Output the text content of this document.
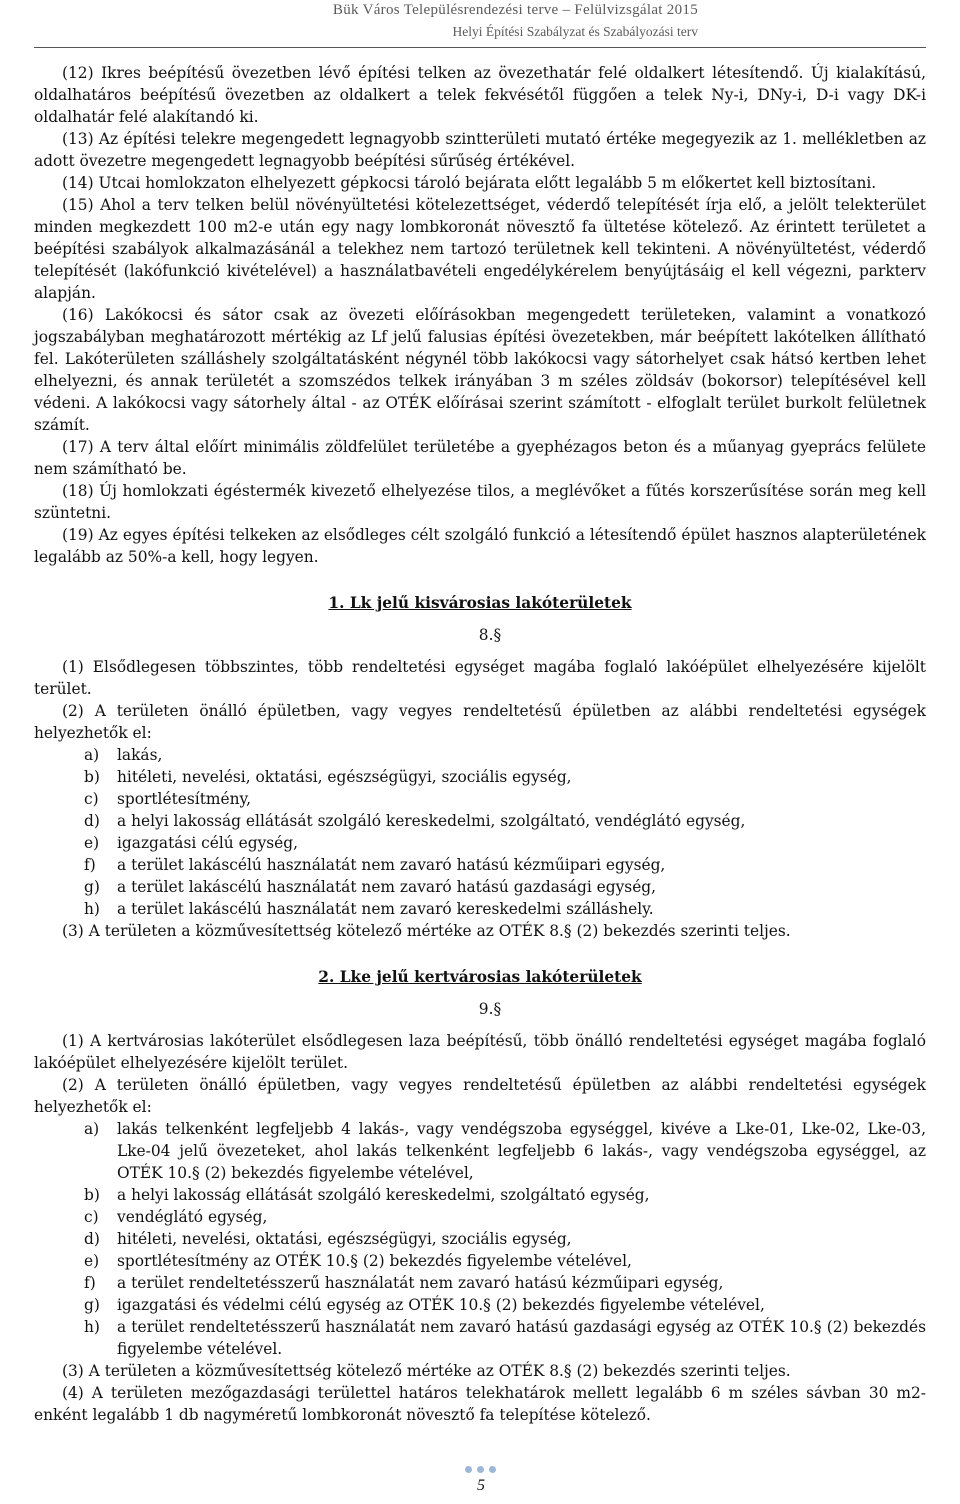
Bük Város Településrendezési terve – Felülvizsgálat 2015
Helyi Építési Szabályzat és Szabályozási terv
(12) Ikres beépítésű övezetben lévő építési telken az övezethatár felé oldalkert létesítendő. Új kialakítású, oldalhatáros beépítésű övezetben az oldalkert a telek fekvésétől függően a telek Ny-i, DNy-i, D-i vagy DK-i oldalhatár felé alakítandó ki.
(13) Az építési telekre megengedett legnagyobb szintterületi mutató értéke megegyezik az 1. mellékletben az adott övezetre megengedett legnagyobb beépítési sűrűség értékével.
(14) Utcai homlokzaton elhelyezett gépkocsi tároló bejárata előtt legalább 5 m előkertet kell biztosítani.
(15) Ahol a terv telken belül növényültetési kötelezettséget, véderdő telepítését írja elő, a jelölt telekterület minden megkezdett 100 m2-e után egy nagy lombkoronát növesztő fa ültetése kötelező. Az érintett területet a beépítési szabályok alkalmazásánál a telekhez nem tartozó területnek kell tekinteni. A növényültetést, véderdő telepítését (lakófunkció kivételével) a használatbavételi engedélykérelem benyújtásáig el kell végezni, parkterv alapján.
(16) Lakókocsi és sátor csak az övezeti előírásokban megengedett területeken, valamint a vonatkozó jogszabályban meghatározott mértékig az Lf jelű falusias építési övezetekben, már beépített lakótelken állítható fel. Lakóterületen szálláshely szolgáltatásként négynél több lakókocsi vagy sátorhelyet csak hátsó kertben lehet elhelyezni, és annak területét a szomszédos telkek irányában 3 m széles zöldsáv (bokorsor) telepítésével kell védeni. A lakókocsi vagy sátorhely által - az OTÉK előírásai szerint számított - elfoglalt terület burkolt felületnek számít.
(17) A terv által előírt minimális zöldfelület területébe a gyephézagos beton és a műanyag gyeprács felülete nem számítható be.
(18) Új homlokzati égéstermék kivezető elhelyezése tilos, a meglévőket a fűtés korszerűsítése során meg kell szüntetni.
(19) Az egyes építési telkeken az elsődleges célt szolgáló funkció a létesítendő épület hasznos alapterületének legalább az 50%-a kell, hogy legyen.
1. Lk jelű kisvárosias lakóterületek
8.§
(1) Elsődlegesen többszintes, több rendeltetési egységet magába foglaló lakóépület elhelyezésére kijelölt terület.
(2) A területen önálló épületben, vagy vegyes rendeltetésű épületben az alábbi rendeltetési egységek helyezhetők el:
a)	lakás,
b)	hitéleti, nevelési, oktatási, egészségügyi, szociális egység,
c)	sportlétesítmény,
d)	a helyi lakosság ellátását szolgáló kereskedelmi, szolgáltató, vendéglátó egység,
e)	igazgatási célú egység,
f)	a terület lakáscélú használatát nem zavaró hatású kézműipari egység,
g)	a terület lakáscélú használatát nem zavaró hatású gazdasági egység,
h)	a terület lakáscélú használatát nem zavaró kereskedelmi szálláshely.
(3) A területen a közművesítettség kötelező mértéke az OTÉK 8.§ (2) bekezdés szerinti teljes.
2. Lke jelű kertvárosias lakóterületek
9.§
(1) A kertvárosias lakóterület elsődlegesen laza beépítésű, több önálló rendeltetési egységet magába foglaló lakóépület elhelyezésére kijelölt terület.
(2) A területen önálló épületben, vagy vegyes rendeltetésű épületben az alábbi rendeltetési egységek helyezhetők el:
a)	lakás telkenként legfeljebb 4 lakás-, vagy vendégszoba egységgel, kivéve a Lke-01, Lke-02, Lke-03, Lke-04 jelű övezeteket, ahol lakás telkenként legfeljebb 6 lakás-, vagy vendégszoba egységgel, az OTÉK 10.§ (2) bekezdés figyelembe vételével,
b)	a helyi lakosság ellátását szolgáló kereskedelmi, szolgáltató egység,
c)	vendéglátó egység,
d)	hitéleti, nevelési, oktatási, egészségügyi, szociális egység,
e)	sportlétesítmény az OTÉK 10.§ (2) bekezdés figyelembe vételével,
f)	a terület rendeltetésszerű használatát nem zavaró hatású kézműipari egység,
g)	igazgatási és védelmi célú egység az OTÉK 10.§ (2) bekezdés figyelembe vételével,
h)	a terület rendeltetésszerű használatát nem zavaró hatású gazdasági egység az OTÉK 10.§ (2) bekezdés figyelembe vételével.
(3) A területen a közművesítettség kötelező mértéke az OTÉK 8.§ (2) bekezdés szerinti teljes.
(4) A területen mezőgazdasági területtel határos telekhatárok mellett legalább 6 m széles sávban 30 m2-enként legalább 1 db nagyméretű lombkoronát növesztő fa telepítése kötelező.
5
